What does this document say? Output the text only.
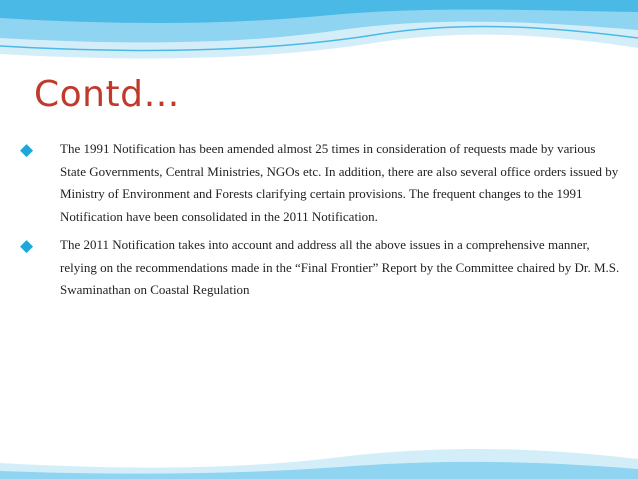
Contd…
◆ The 1991 Notification has been amended almost 25 times in consideration of requests made by various State Governments, Central Ministries, NGOs etc. In addition, there are also several office orders issued by Ministry of Environment and Forests clarifying certain provisions. The frequent changes to the 1991 Notification have been consolidated in the 2011 Notification.
◆ The 2011 Notification takes into account and address all the above issues in a comprehensive manner, relying on the recommendations made in the “Final Frontier” Report by the Committee chaired by Dr. M.S. Swaminathan on Coastal Regulation
